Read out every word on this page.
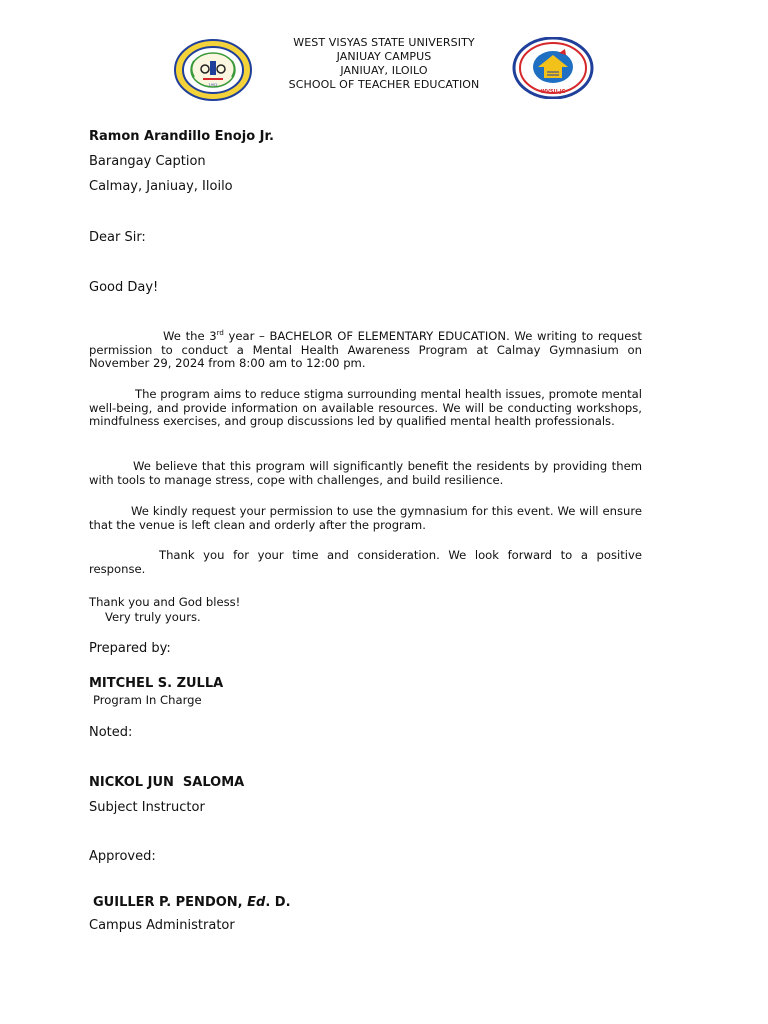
1902
WVSU-JC
WEST VISYAS STATE UNIVERSITY
JANIUAY CAMPUS
JANIUAY, ILOILO
SCHOOL OF TEACHER EDUCATION
Ramon Arandillo Enojo Jr.
Barangay Caption
Calmay, Janiuay, Iloilo
Dear Sir:
Good Day!
We the 3rd year – BACHELOR OF ELEMENTARY EDUCATION. We writing to request permission to conduct a Mental Health Awareness Program at Calmay Gymnasium on November 29, 2024 from 8:00 am to 12:00 pm.
The program aims to reduce stigma surrounding mental health issues, promote mental well-being, and provide information on available resources. We will be conducting workshops, mindfulness exercises, and group discussions led by qualified mental health professionals.
We believe that this program will significantly benefit the residents by providing them with tools to manage stress, cope with challenges, and build resilience.
We kindly request your permission to use the gymnasium for this event. We will ensure that the venue is left clean and orderly after the program.
Thank you for your time and consideration. We look forward to a positive response.
Thank you and God bless!
Very truly yours.
Prepared by:
MITCHEL S. ZULLA
Program In Charge
Noted:
NICKOL JUN  SALOMA
Subject Instructor
Approved:
GUILLER P. PENDON, Ed. D.
Campus Administrator
